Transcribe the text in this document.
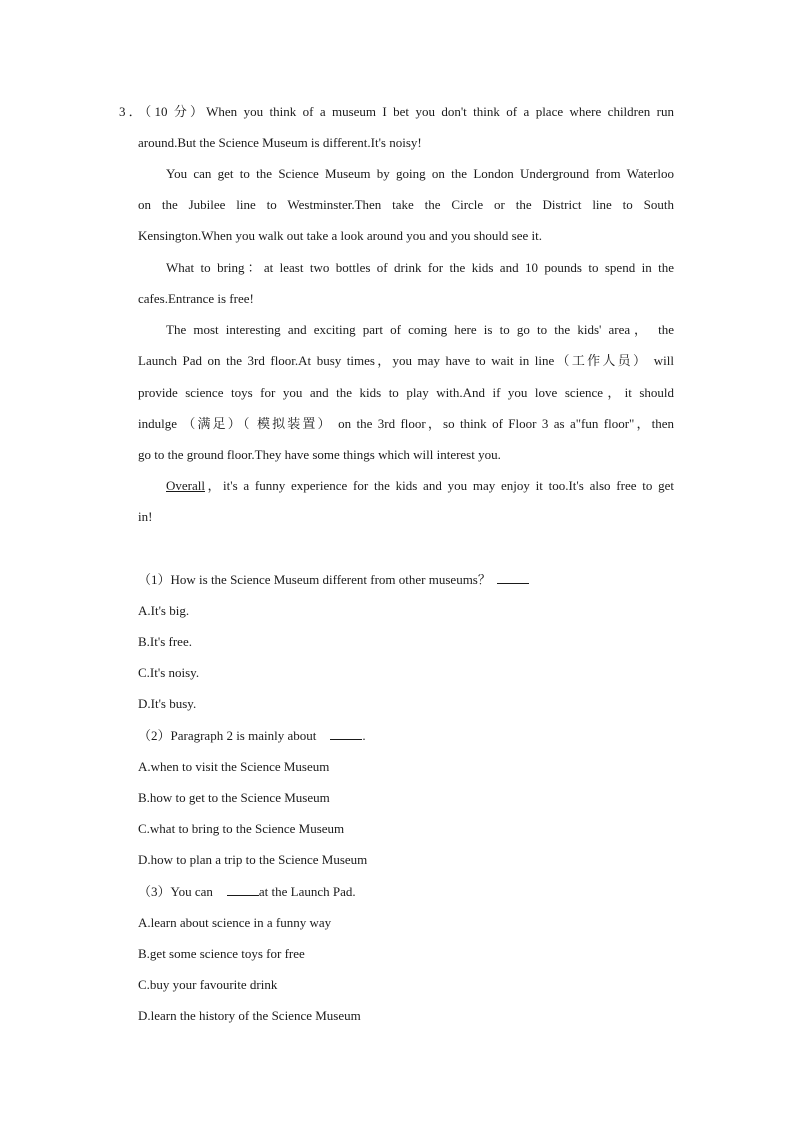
3．（10 分）When you think of a museum I bet you don't think of a place where children run
around.But the Science Museum is different.It's noisy!
You can get to the Science Museum by going on the London Underground from Waterloo
on the Jubilee line to Westminster.Then take the Circle or the District line to South
Kensington.When you walk out take a look around you and you should see it.
What to bring：at least two bottles of drink for the kids and 10 pounds to spend in the
cafes.Entrance is free!
The most interesting and exciting part of coming here is to go to the kids' area， the
Launch Pad on the 3rd floor.At busy times，you may have to wait in line（工作人员） will
provide science toys for you and the kids to play with.And if you love science，it should
indulge （满足）（ 模拟装置） on the 3rd floor，so think of Floor 3 as a"fun floor"，then
go to the ground floor.They have some things which will interest you.
Overall，it's a funny experience for the kids and you may enjoy it too.It's also free to get
in!
（1）How is the Science Museum different from other museums？
A.It's big.
B.It's free.
C.It's noisy.
D.It's busy.
（2）Paragraph 2 is mainly about	.
A.when to visit the Science Museum
B.how to get to the Science Museum
C.what to bring to the Science Museum
D.how to plan a trip to the Science Museum
（3）You can	at the Launch Pad.
A.learn about science in a funny way
B.get some science toys for free
C.buy your favourite drink
D.learn the history of the Science Museum
